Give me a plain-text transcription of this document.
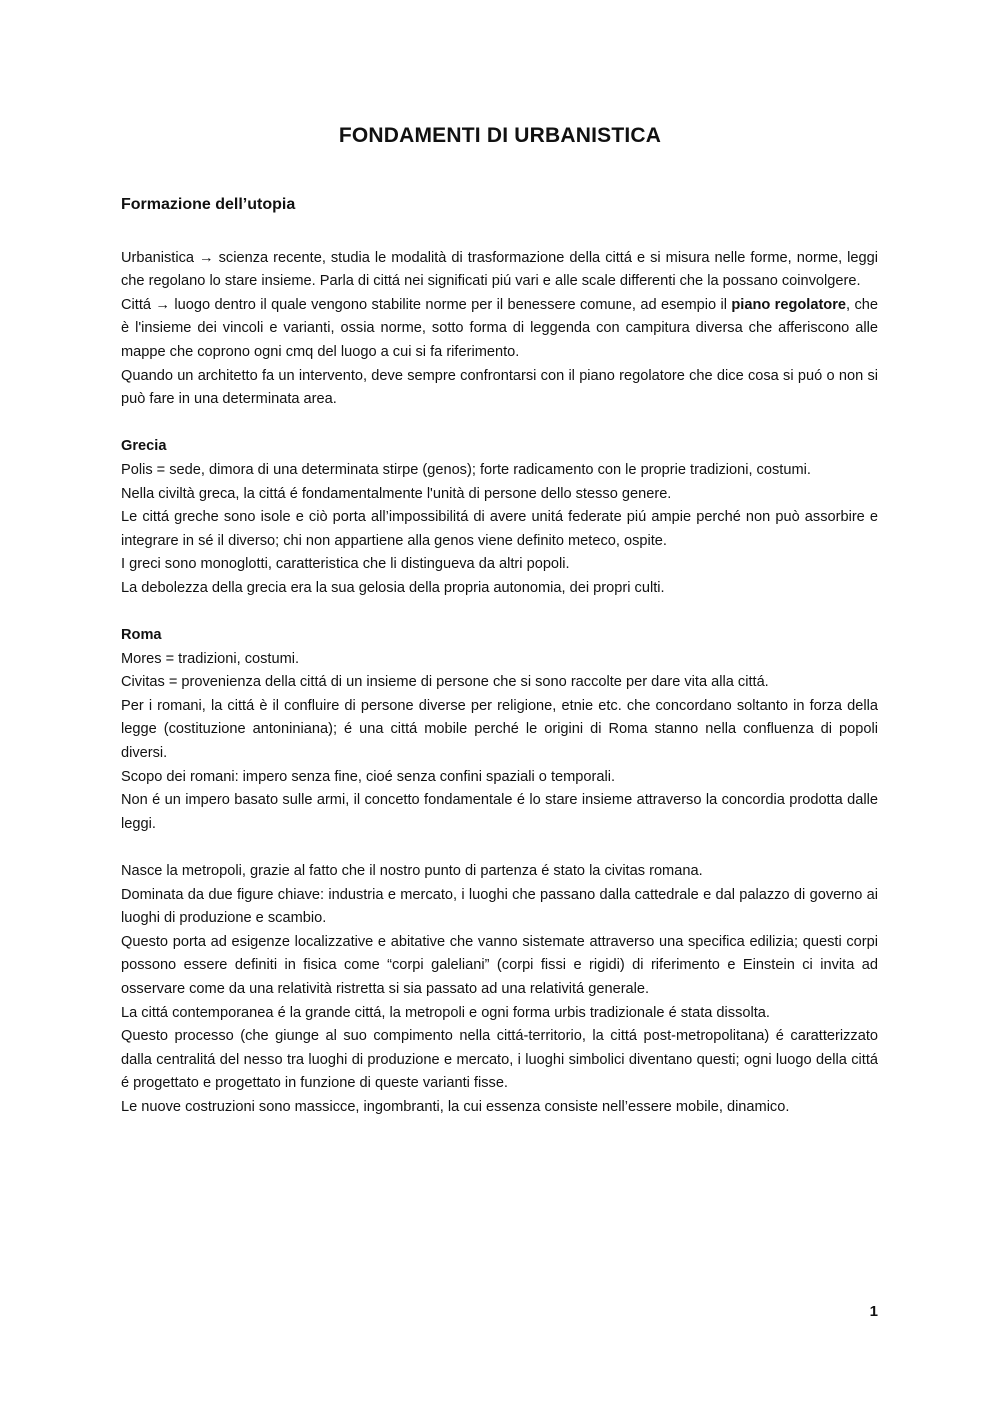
FONDAMENTI DI URBANISTICA

Formazione dell’utopia

Urbanistica → scienza recente, studia le modalità di trasformazione della cittá e si misura nelle forme, norme, leggi che regolano lo stare insieme. Parla di cittá nei significati piú vari e alle scale differenti che la possano coinvolgere.

Cittá → luogo dentro il quale vengono stabilite norme per il benessere comune, ad esempio il piano regolatore, che è l'insieme dei vincoli e varianti, ossia norme, sotto forma di leggenda con campitura diversa che afferiscono alle mappe che coprono ogni cmq del luogo a cui si fa riferimento.

Quando un architetto fa un intervento, deve sempre confrontarsi con il piano regolatore che dice cosa si puó o non si può fare in una determinata area.

Grecia

Polis = sede, dimora di una determinata stirpe (genos); forte radicamento con le proprie tradizioni, costumi.

Nella civiltà greca, la cittá é fondamentalmente l'unità di persone dello stesso genere.

Le cittá greche sono isole e ciò porta all’impossibilitá di avere unitá federate piú ampie perché non può assorbire e integrare in sé il diverso; chi non appartiene alla genos viene definito meteco, ospite.

I greci sono monoglotti, caratteristica che li distingueva da altri popoli.

La debolezza della grecia era la sua gelosia della propria autonomia, dei propri culti.

Roma

Mores = tradizioni, costumi.

Civitas = provenienza della cittá di un insieme di persone che si sono raccolte per dare vita alla cittá.

Per i romani, la cittá è il confluire di persone diverse per religione, etnie etc. che concordano soltanto in forza della legge (costituzione antoniniana); é una cittá mobile perché le origini di Roma stanno nella confluenza di popoli diversi.

Scopo dei romani: impero senza fine, cioé senza confini spaziali o temporali.

Non é un impero basato sulle armi, il concetto fondamentale é lo stare insieme attraverso la concordia prodotta dalle leggi.

Nasce la metropoli, grazie al fatto che il nostro punto di partenza é stato la civitas romana.

Dominata da due figure chiave: industria e mercato, i luoghi che passano dalla cattedrale e dal palazzo di governo ai luoghi di produzione e scambio.

Questo porta ad esigenze localizzative e abitative che vanno sistemate attraverso una specifica edilizia; questi corpi possono essere definiti in fisica come “corpi galeliani” (corpi fissi e rigidi) di riferimento e Einstein ci invita ad osservare come da una relatività ristretta si sia passato ad una relativitá generale.

La cittá contemporanea é la grande cittá, la metropoli e ogni forma urbis tradizionale é stata dissolta.

Questo processo (che giunge al suo compimento nella cittá-territorio, la cittá post-metropolitana) é caratterizzato dalla centralitá del nesso tra luoghi di produzione e mercato, i luoghi simbolici diventano questi; ogni luogo della cittá é progettato e progettato in funzione di queste varianti fisse.

Le nuove costruzioni sono massicce, ingombranti, la cui essenza consiste nell’essere mobile, dinamico.

1
